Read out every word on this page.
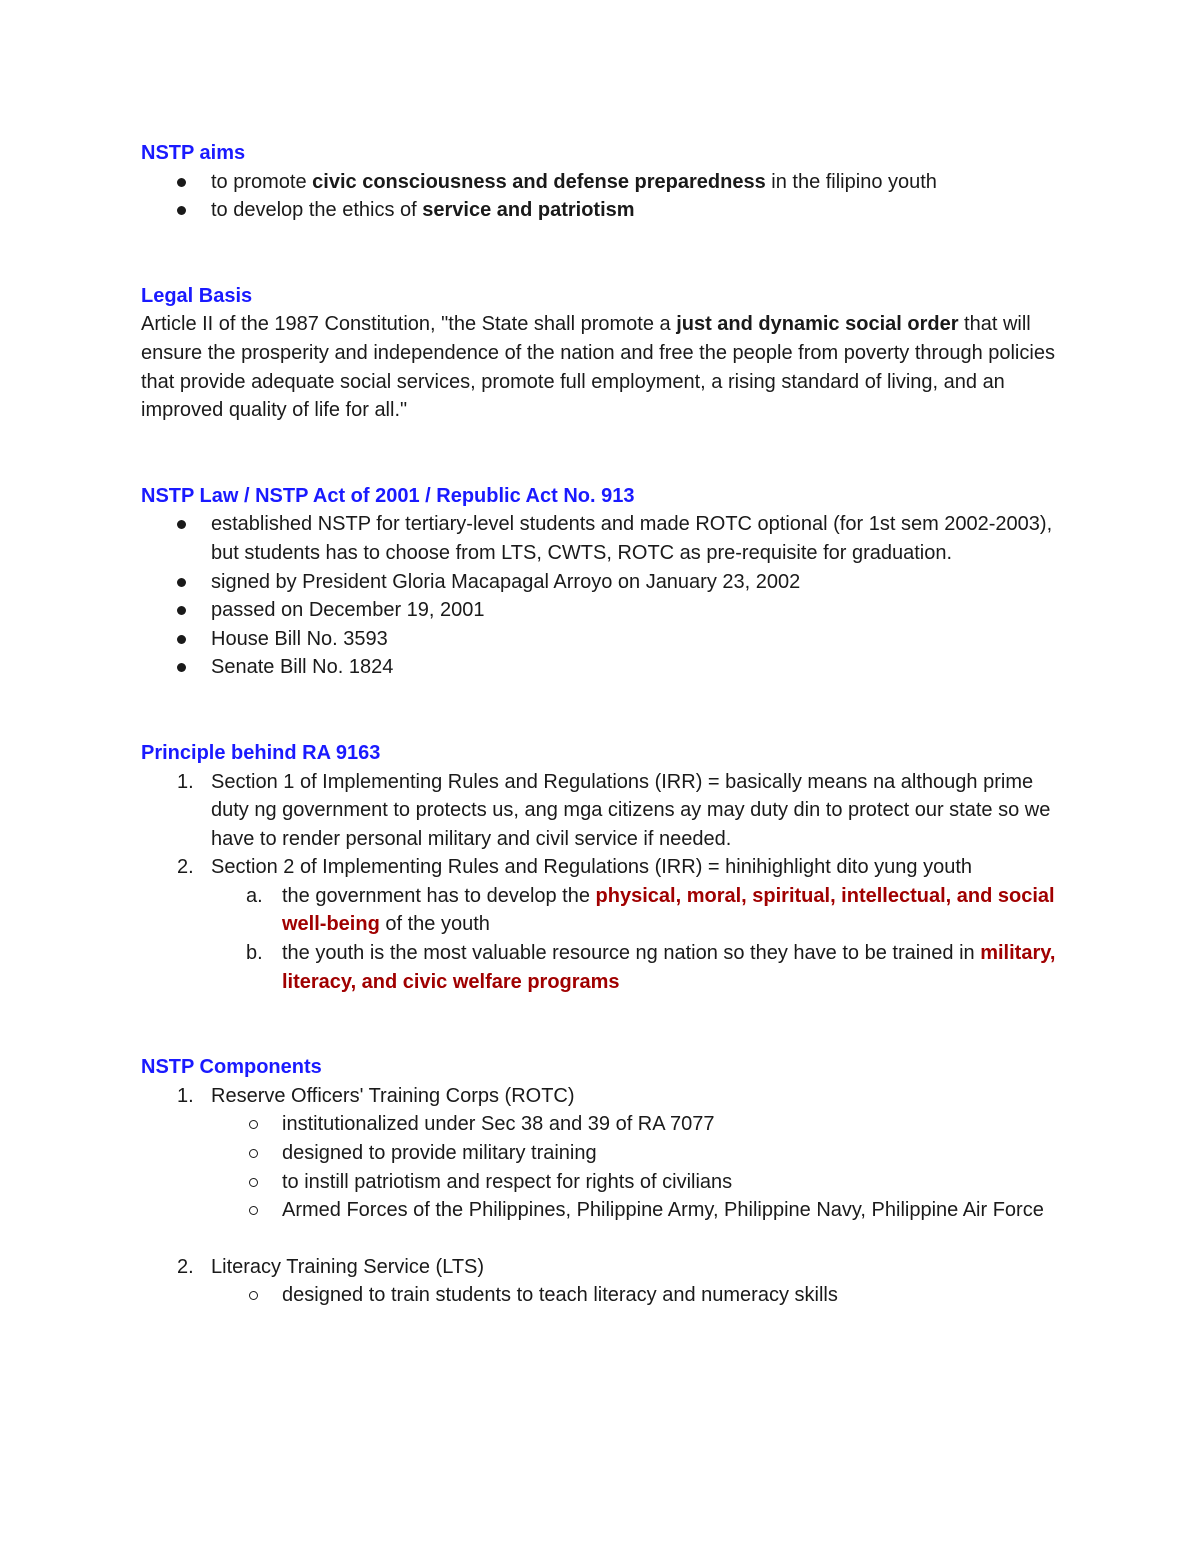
NSTP aims

to promote civic consciousness and defense preparedness in the filipino youth
to develop the ethics of service and patriotism

Legal Basis

Article II of the 1987 Constitution, "the State shall promote a just and dynamic social order that will ensure the prosperity and independence of the nation and free the people from poverty through policies that provide adequate social services, promote full employment, a rising standard of living, and an improved quality of life for all."

NSTP Law / NSTP Act of 2001 / Republic Act No. 913

established NSTP for tertiary-level students and made ROTC optional (for 1st sem 2002-2003), but students has to choose from LTS, CWTS, ROTC as pre-requisite for graduation.
signed by President Gloria Macapagal Arroyo on January 23, 2002
passed on December 19, 2001
House Bill No. 3593
Senate Bill No. 1824

Principle behind RA 9163

1. Section 1 of Implementing Rules and Regulations (IRR) = basically means na although prime duty ng government to protects us, ang mga citizens ay may duty din to protect our state so we have to render personal military and civil service if needed.
2. Section 2 of Implementing Rules and Regulations (IRR) = hinihighlight dito yung youth
a. the government has to develop the physical, moral, spiritual, intellectual, and social well-being of the youth
b. the youth is the most valuable resource ng nation so they have to be trained in military, literacy, and civic welfare programs

NSTP Components

1. Reserve Officers' Training Corps (ROTC)
institutionalized under Sec 38 and 39 of RA 7077
designed to provide military training
to instill patriotism and respect for rights of civilians
Armed Forces of the Philippines, Philippine Army, Philippine Navy, Philippine Air Force
2. Literacy Training Service (LTS)
designed to train students to teach literacy and numeracy skills
